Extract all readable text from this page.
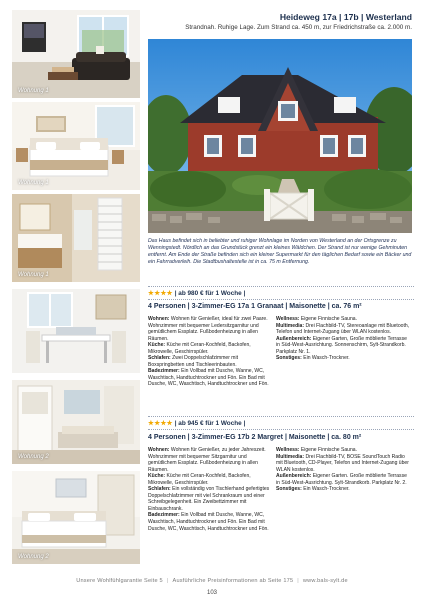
Wohnung 1
Wohnung 1
Wohnung 1
Wohnung 2
Wohnung 2
Heideweg 17a | 17b | Westerland
Strandnah. Ruhige Lage. Zum Strand ca. 450 m, zur Friedrichstraße ca. 2.000 m.
Das Haus befindet sich in beliebter und ruhiger Wohnlage im Norden von Westerland an der Ortsgrenze zu Wenningstedt. Nördlich an das Grundstück grenzt ein kleines Wäldchen. Der Strand ist nur wenige Gehminuten entfernt. Am Ende der Straße befinden sich ein kleiner Supermarkt für den täglichen Bedarf sowie ein Bäcker und ein Fahrradverleih. Die Stadtbushaltestelle ist in ca. 75 m Entfernung.
★★★★ | ab 980 € für 1 Woche |
4 Personen | 3-Zimmer-EG 17a 1 Granaat | Maisonette | ca. 76 m²

Wohnen: Wohnen für Genießer, ideal für zwei Paare. Wohnzimmer mit bequemer Ledersitzgarnitur und gemütlichem Essplatz. Fußbodenheizung in allen Räumen.

Küche: Küche mit Ceran-Kochfeld, Backofen, Mikrowelle, Geschirrspüler.

Schlafen: Zwei Doppelschlafzimmer mit Boxspringbetten und Tischleerinbauten.

Badezimmer: Ein Vollbad mit Dusche, Wanne, WC, Waschtisch, Handtuchtrockner und Fön. Ein Bad mit Dusche, WC, Waschtisch, Handtuchtrockner und Fön.

Wellness: Eigene Finnische Sauna.

Multimedia: Drei Flachbild-TV, Stereoanlage mit Bluetooth, Telefon und Internet-Zugang über WLAN kostenlos.

Außenbereich: Eigener Garten, Große möblierte Terrasse in Süd-West-Ausrichtung. Sonnenschirm, Sylt-Strandkorb. Parkplatz Nr. 1.

Sonstiges: Ein Wasch-Trockner.

★★★★ | ab 945 € für 1 Woche |
4 Personen | 3-Zimmer-EG 17b 2 Margret | Maisonette | ca. 80 m²

Wohnen: Wohnen für Genießer, zu jeder Jahreszeit. Wohnzimmer mit bequemer Sitzgarnitur und gemütlichem Essplatz. Fußbodenheizung in allen Räumen.

Küche: Küche mit Ceran-Kochfeld, Backofen, Mikrowelle, Geschirrspüler.

Schlafen: Ein vollständig von Tischlerhand gefertigtes Doppelschlafzimmer mit viel Schrankraum und einer Schreibgelegenheit. Ein Zweibettzimmer mit Einbauschrank.

Badezimmer: Ein Vollbad mit Dusche, Wanne, WC, Waschtisch, Handtuchtrockner und Fön. Ein Bad mit Dusche, WC, Waschtisch, Handtuchtrockner und Fön.

Wellness: Eigene Finnische Sauna.

Multimedia: Drei Flachbild-TV, BOSE SoundTouch Radio mit Bluetooth, CD-Player, Telefon und Internet-Zugang über WLAN kostenlos.

Außenbereich: Eigener Garten. Große möblierte Terrasse in Süd-West-Ausrichtung. Sylt-Strandkorb. Parkplatz Nr. 2.

Sonstiges: Ein Wasch-Trockner.

Unsere Wohlfühlgarantie Seite 5 | Ausführliche Preisinformationen ab Seite 175 | www.bals-sylt.de
103
